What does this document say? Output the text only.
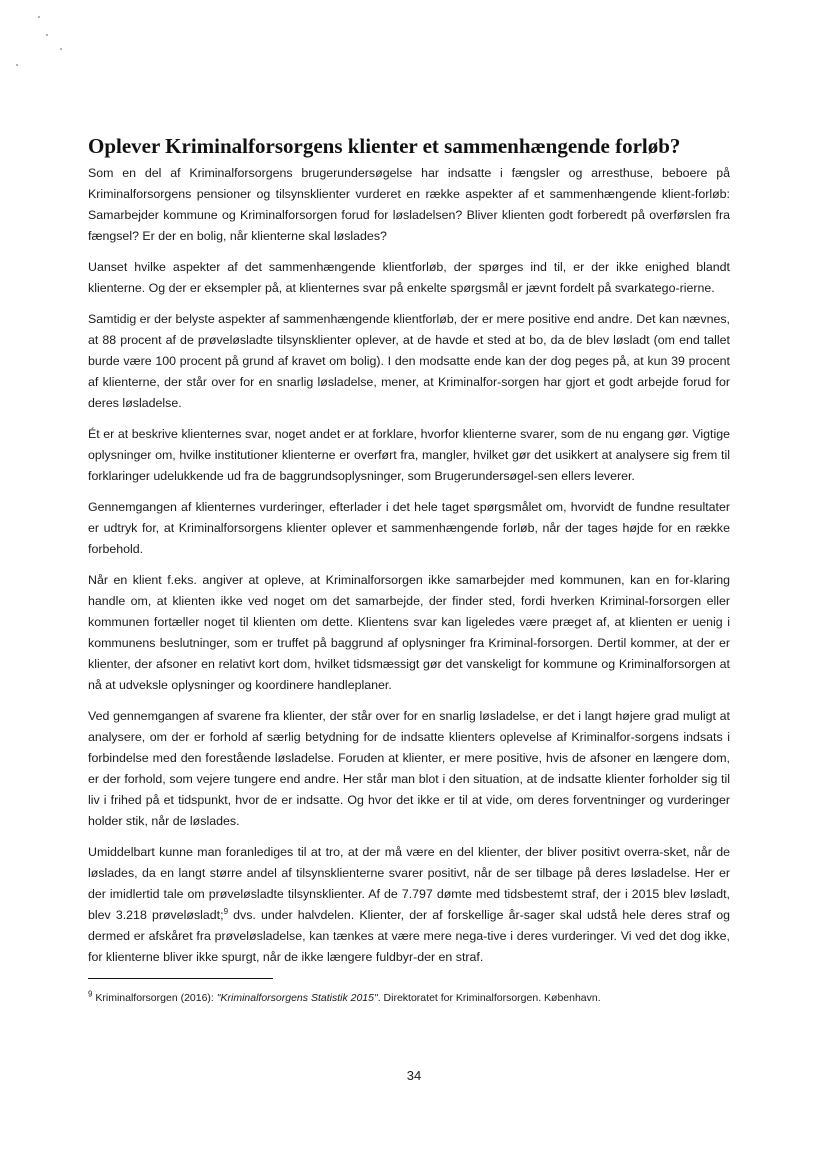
Oplever Kriminalforsorgens klienter et sammenhængende forløb?

Som en del af Kriminalforsorgens brugerundersøgelse har indsatte i fængsler og arresthuse, beboere på Kriminalforsorgens pensioner og tilsynsklienter vurderet en række aspekter af et sammenhængende klient-forløb: Samarbejder kommune og Kriminalforsorgen forud for løsladelsen? Bliver klienten godt forberedt på overførslen fra fængsel? Er der en bolig, når klienterne skal løslades?

Uanset hvilke aspekter af det sammenhængende klientforløb, der spørges ind til, er der ikke enighed blandt klienterne. Og der er eksempler på, at klienternes svar på enkelte spørgsmål er jævnt fordelt på svarkatego-rierne.

Samtidig er der belyste aspekter af sammenhængende klientforløb, der er mere positive end andre. Det kan nævnes, at 88 procent af de prøveløsladte tilsynsklienter oplever, at de havde et sted at bo, da de blev løsladt (om end tallet burde være 100 procent på grund af kravet om bolig). I den modsatte ende kan der dog peges på, at kun 39 procent af klienterne, der står over for en snarlig løsladelse, mener, at Kriminalfor-sorgen har gjort et godt arbejde forud for deres løsladelse.

Ét er at beskrive klienternes svar, noget andet er at forklare, hvorfor klienterne svarer, som de nu engang gør. Vigtige oplysninger om, hvilke institutioner klienterne er overført fra, mangler, hvilket gør det usikkert at analysere sig frem til forklaringer udelukkende ud fra de baggrundsoplysninger, som Brugerundersøgel-sen ellers leverer.

Gennemgangen af klienternes vurderinger, efterlader i det hele taget spørgsmålet om, hvorvidt de fundne resultater er udtryk for, at Kriminalforsorgens klienter oplever et sammenhængende forløb, når der tages højde for en række forbehold.

Når en klient f.eks. angiver at opleve, at Kriminalforsorgen ikke samarbejder med kommunen, kan en for-klaring handle om, at klienten ikke ved noget om det samarbejde, der finder sted, fordi hverken Kriminal-forsorgen eller kommunen fortæller noget til klienten om dette. Klientens svar kan ligeledes være præget af, at klienten er uenig i kommunens beslutninger, som er truffet på baggrund af oplysninger fra Kriminal-forsorgen. Dertil kommer, at der er klienter, der afsoner en relativt kort dom, hvilket tidsmæssigt gør det vanskeligt for kommune og Kriminalforsorgen at nå at udveksle oplysninger og koordinere handleplaner.

Ved gennemgangen af svarene fra klienter, der står over for en snarlig løsladelse, er det i langt højere grad muligt at analysere, om der er forhold af særlig betydning for de indsatte klienters oplevelse af Kriminalfor-sorgens indsats i forbindelse med den forestående løsladelse. Foruden at klienter, er mere positive, hvis de afsoner en længere dom, er der forhold, som vejere tungere end andre. Her står man blot i den situation, at de indsatte klienter forholder sig til liv i frihed på et tidspunkt, hvor de er indsatte. Og hvor det ikke er til at vide, om deres forventninger og vurderinger holder stik, når de løslades.

Umiddelbart kunne man foranlediges til at tro, at der må være en del klienter, der bliver positivt overra-sket, når de løslades, da en langt større andel af tilsynsklienterne svarer positivt, når de ser tilbage på deres løsladelse. Her er der imidlertid tale om prøveløsladte tilsynsklienter. Af de 7.797 dømte med tidsbestemt straf, der i 2015 blev løsladt, blev 3.218 prøveløsladt;$^9$ dvs. under halvdelen. Klienter, der af forskellige år-sager skal udstå hele deres straf og dermed er afskåret fra prøveløsladelse, kan tænkes at være mere nega-tive i deres vurderinger. Vi ved det dog ikke, for klienterne bliver ikke spurgt, når de ikke længere fuldbyr-der en straf.

$^9$ Kriminalforsorgen (2016): "Kriminalforsorgens Statistik 2015". Direktoratet for Kriminalforsorgen. København.
34
